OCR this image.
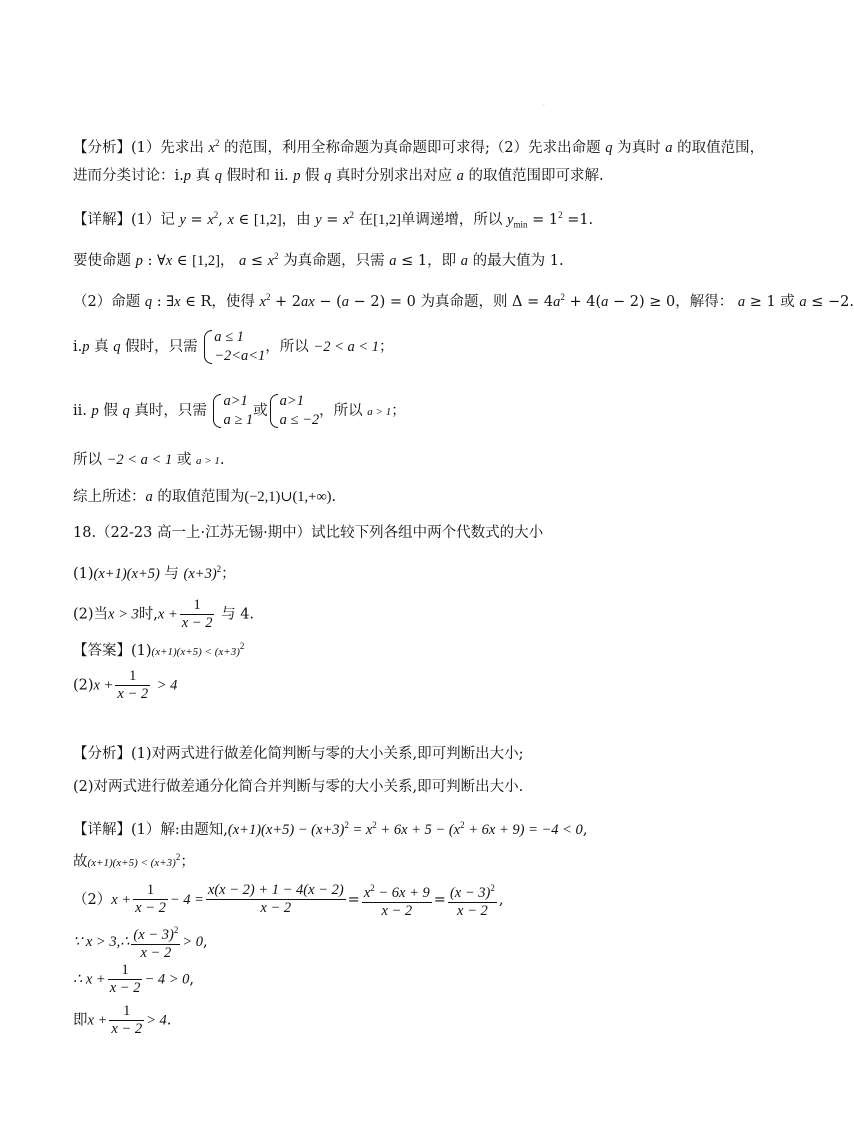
.
【分析】(1）先求出 $x^2$ 的范围，利用全称命题为真命题即可求得;（2）先求出命题 q 为真时 a 的取值范围，
进而分类讨论：i.p 真 q 假时和 ii. p 假 q 真时分别求出对应 a 的取值范围即可求解.
【详解】(1）记 $y = x^2$, x ∈ [1,2]，由 $y = x^2$ 在[1,2]单调递增，所以 $y_{min} = 1^2 =1$.
要使命题 p : ∀x ∈ [1,2]， $a \le x^2$ 为真命题，只需 a ≤ 1，即 a 的最大值为 1.
（2）命题 q : ∃x ∈ R，使得 $x^2 + 2ax - (a - 2) = 0$ 为真命题，则 $\Delta = 4a^2 + 4(a - 2) \ge 0$，解得： a ≥ 1 或 a ≤ −2.
i.p 真 q 假时，只需
a ≤ 1
−2<a<1
，所以 −2 < a < 1；
ii. p 假 q 真时，只需
a>1
a ≥ 1
或
a>1
a ≤ −2
，所以 a > 1；
所以 −2 < a < 1 或 a > 1.
综上所述：a 的取值范围为(−2,1)∪(1,+∞).
18.（22-23 高一上·江苏无锡·期中）试比较下列各组中两个代数式的大小
(1)(x+1)(x+5) 与 $(x+3)^2$；
(2)当x > 3时$,x + \frac{1}{x - 2}$ 与 4.
【答案】$(1)(x+1)(x+5) < (x+3)^2$
$(2)x + \frac{1}{x - 2} > 4$
【分析】(1)对两式进行做差化简判断与零的大小关系,即可判断出大小;
(2)对两式进行做差通分化简合并判断与零的大小关系,即可判断出大小.
【详解】(1）解:由题知$,(x+1)(x+5) - (x+3)^2 = x^2 + 6x + 5 - (x^2 + 6x + 9) = -4 < 0$,
故$(x+1)(x+5) < (x+3)^2$；
$(2)x + \frac{1}{x - 2} - 4 = \frac{x(x - 2) + 1 - 4(x - 2)}{x - 2} = \frac{x^2 - 6x + 9}{x - 2} = \frac{(x - 3)^2}{x - 2}$ ,
∵ x > 3,∴ $\frac{(x - 3)^2}{x - 2} > 0$,
∴ $x + \frac{1}{x - 2} - 4 > 0$,
即$x + \frac{1}{x - 2} > 4$.
